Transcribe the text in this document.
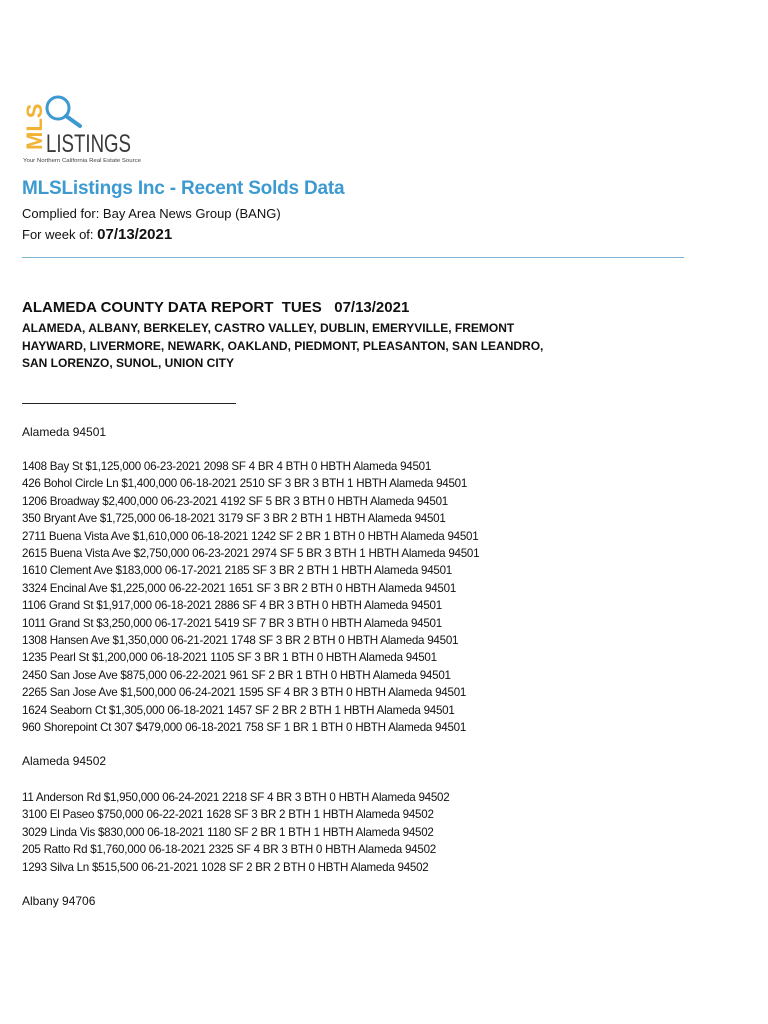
MLS LISTINGS
Your Northern California Real Estate Source
MLSListings Inc - Recent Solds Data
Complied for: Bay Area News Group (BANG)
For week of: 07/13/2021
ALAMEDA COUNTY DATA REPORT  TUES   07/13/2021
ALAMEDA, ALBANY, BERKELEY, CASTRO VALLEY, DUBLIN, EMERYVILLE, FREMONT
HAYWARD, LIVERMORE, NEWARK, OAKLAND, PIEDMONT, PLEASANTON, SAN LEANDRO,
SAN LORENZO, SUNOL, UNION CITY
Alameda 94501
1408 Bay St $1,125,000 06-23-2021 2098 SF 4 BR 4 BTH 0 HBTH Alameda 94501
426 Bohol Circle Ln $1,400,000 06-18-2021 2510 SF 3 BR 3 BTH 1 HBTH Alameda 94501
1206 Broadway $2,400,000 06-23-2021 4192 SF 5 BR 3 BTH 0 HBTH Alameda 94501
350 Bryant Ave $1,725,000 06-18-2021 3179 SF 3 BR 2 BTH 1 HBTH Alameda 94501
2711 Buena Vista Ave $1,610,000 06-18-2021 1242 SF 2 BR 1 BTH 0 HBTH Alameda 94501
2615 Buena Vista Ave $2,750,000 06-23-2021 2974 SF 5 BR 3 BTH 1 HBTH Alameda 94501
1610 Clement Ave $183,000 06-17-2021 2185 SF 3 BR 2 BTH 1 HBTH Alameda 94501
3324 Encinal Ave $1,225,000 06-22-2021 1651 SF 3 BR 2 BTH 0 HBTH Alameda 94501
1106 Grand St $1,917,000 06-18-2021 2886 SF 4 BR 3 BTH 0 HBTH Alameda 94501
1011 Grand St $3,250,000 06-17-2021 5419 SF 7 BR 3 BTH 0 HBTH Alameda 94501
1308 Hansen Ave $1,350,000 06-21-2021 1748 SF 3 BR 2 BTH 0 HBTH Alameda 94501
1235 Pearl St $1,200,000 06-18-2021 1105 SF 3 BR 1 BTH 0 HBTH Alameda 94501
2450 San Jose Ave $875,000 06-22-2021 961 SF 2 BR 1 BTH 0 HBTH Alameda 94501
2265 San Jose Ave $1,500,000 06-24-2021 1595 SF 4 BR 3 BTH 0 HBTH Alameda 94501
1624 Seaborn Ct $1,305,000 06-18-2021 1457 SF 2 BR 2 BTH 1 HBTH Alameda 94501
960 Shorepoint Ct 307 $479,000 06-18-2021 758 SF 1 BR 1 BTH 0 HBTH Alameda 94501
Alameda 94502
11 Anderson Rd $1,950,000 06-24-2021 2218 SF 4 BR 3 BTH 0 HBTH Alameda 94502
3100 El Paseo $750,000 06-22-2021 1628 SF 3 BR 2 BTH 1 HBTH Alameda 94502
3029 Linda Vis $830,000 06-18-2021 1180 SF 2 BR 1 BTH 1 HBTH Alameda 94502
205 Ratto Rd $1,760,000 06-18-2021 2325 SF 4 BR 3 BTH 0 HBTH Alameda 94502
1293 Silva Ln $515,500 06-21-2021 1028 SF 2 BR 2 BTH 0 HBTH Alameda 94502
Albany 94706
